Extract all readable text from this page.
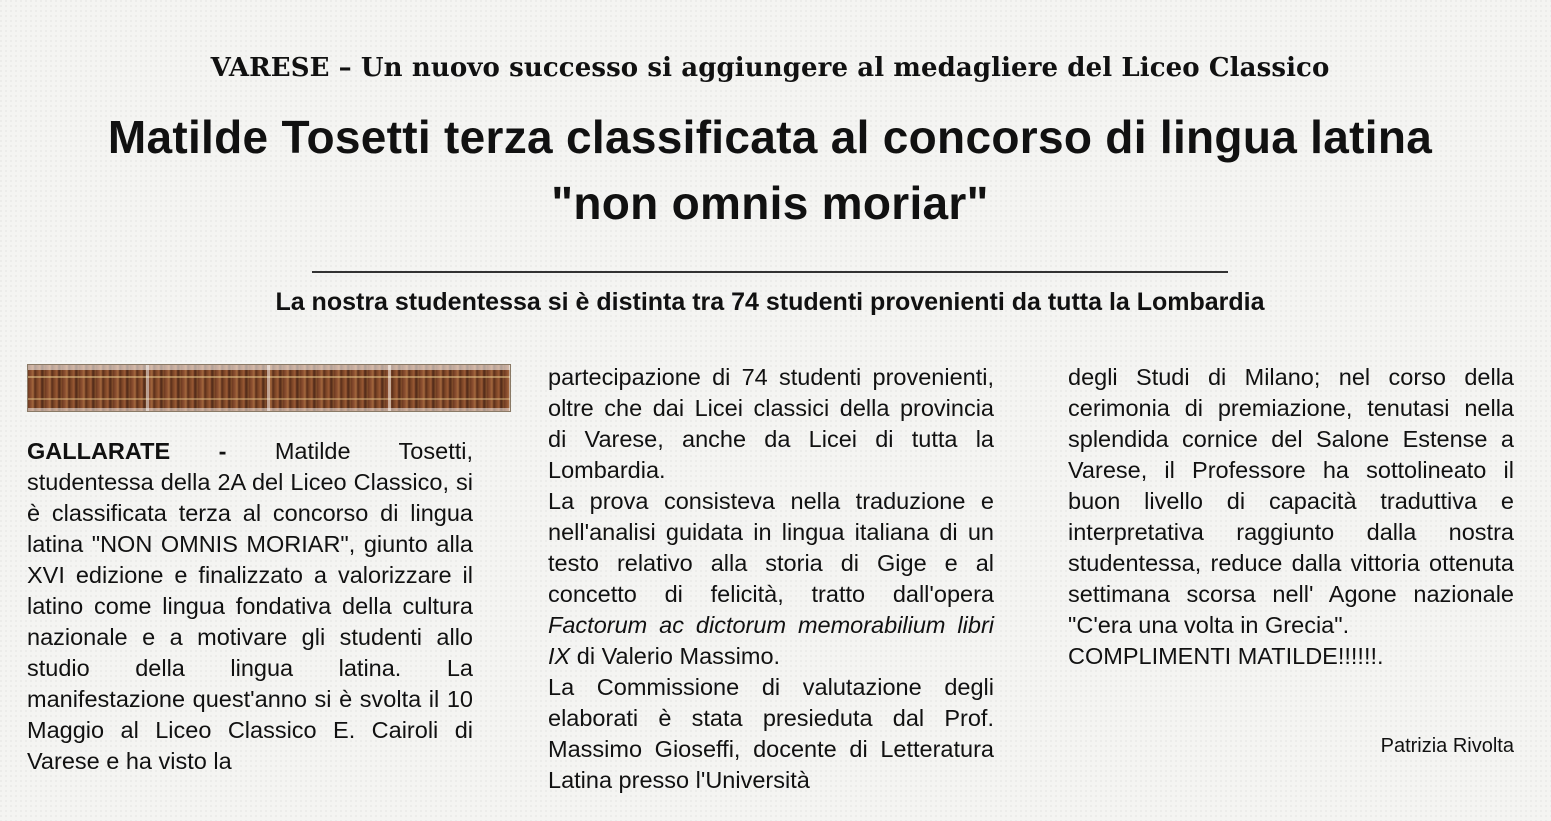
VARESE – Un nuovo successo si aggiungere al medagliere del Liceo Classico
Matilde Tosetti terza classificata al concorso di lingua latina
"non omnis moriar"
La nostra studentessa si è distinta tra 74 studenti provenienti da tutta la Lombardia

GALLARATE - Matilde Tosetti, studentessa della 2A del Liceo Classico, si è classificata terza al concorso di lingua latina "NON OMNIS MORIAR", giunto alla XVI edizione e finalizzato a valorizzare il latino come lingua fondativa della cultura nazionale e a motivare gli studenti allo studio della lingua latina. La manifestazione quest'anno si è svolta il 10 Maggio al Liceo Classico E. Cairoli di Varese e ha visto la

partecipazione di 74 studenti provenienti, oltre che dai Licei classici della provincia di Varese, anche da Licei di tutta la Lombardia.

La prova consisteva nella traduzione e nell'analisi guidata in lingua italiana di un testo relativo alla storia di Gige e al concetto di felicità, tratto dall'opera Factorum ac dictorum memorabilium libri IX di Valerio Massimo.

La Commissione di valutazione degli elaborati è stata presieduta dal Prof. Massimo Gioseffi, docente di Letteratura Latina presso l'Università

degli Studi di Milano; nel corso della cerimonia di premiazione, tenutasi nella splendida cornice del Salone Estense a Varese, il Professore ha sottolineato il buon livello di capacità traduttiva e interpretativa raggiunto dalla nostra studentessa, reduce dalla vittoria ottenuta settimana scorsa nell' Agone nazionale "C'era una volta in Grecia".

COMPLIMENTI MATILDE!!!!!!.

Patrizia Rivolta
